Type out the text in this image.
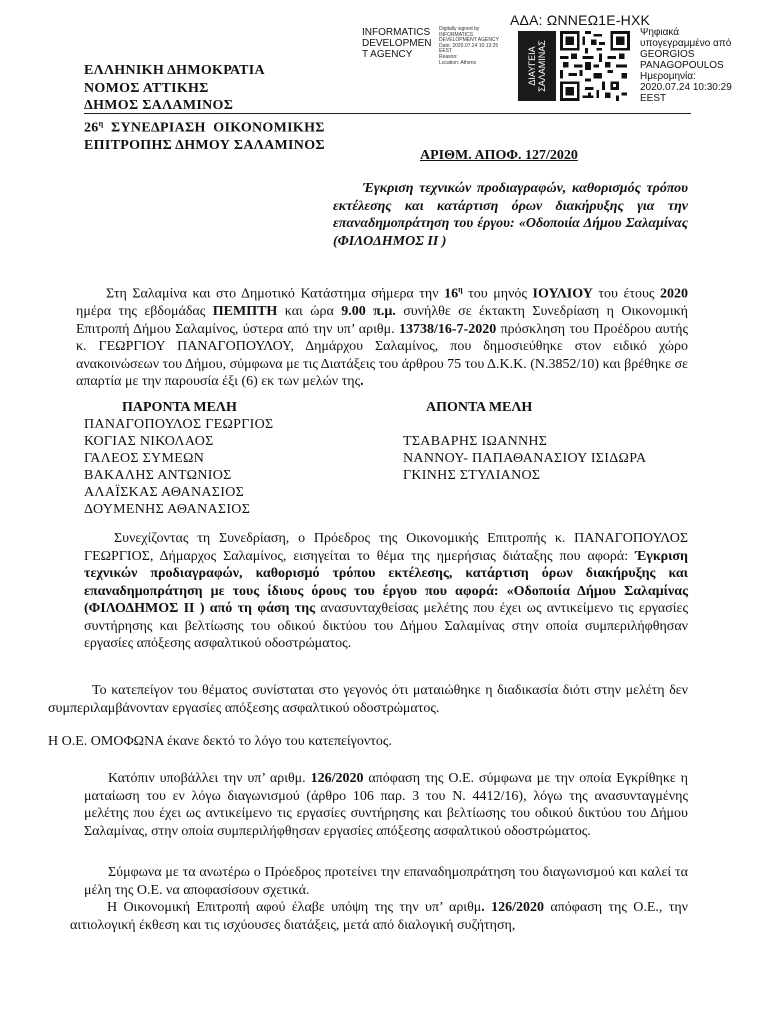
ΑΔΑ: ΩΝΝΕΩ1Ε-ΗΧΚ
INFORMATICS
DEVELOPMEN
T AGENCY
Digitally signed by
INFORMATICS
DEVELOPMENT AGENCY
Date: 2020.07.24 10:13:25
EEST
Reason:
Location: Athens	ΔΙΑΥΓΕΙΑ ΣΑΛΑΜΙΝΑΣ
Ψηφιακά
υπογεγραμμένο από
GEORGIOS
PANAGOPOULOS
Ημερομηνία:
2020.07.24 10:30:29
EEST
ΕΛΛΗΝΙΚΗ ΔΗΜΟΚΡΑΤΙΑ
ΝΟΜΟΣ ΑΤΤΙΚΗΣ
ΔΗΜΟΣ ΣΑΛΑΜΙΝΟΣ
$26^\eta$  ΣΥΝΕΔΡΙΑΣΗ  ΟΙΚΟΝΟΜΙΚΗΣ
ΕΠΙΤΡΟΠΗΣ ΔΗΜΟΥ ΣΑΛΑΜΙΝΟΣ
ΑΡΙΘΜ. ΑΠΟΦ. 127/2020
Έγκριση τεχνικών προδιαγραφών, καθορισμός τρόπου εκτέλεσης και κατάρτιση όρων διακήρυξης για την επαναδημοπράτηση του έργου: «Οδοποιία Δήμου Σαλαμίνας (ΦΙΛΟΔΗΜΟΣ ΙΙ )
Στη Σαλαμίνα και στο Δημοτικό Κατάστημα σήμερα την $16^\eta$ του μηνός ΙΟΥΛΙΟΥ του έτους 2020 ημέρα της εβδομάδας ΠΕΜΠΤΗ και ώρα 9.00 π.μ. συνήλθε σε έκτακτη Συνεδρίαση η Οικονομική Επιτροπή Δήμου Σαλαμίνος, ύστερα από την υπ’ αριθμ. 13738/16-7-2020 πρόσκληση του Προέδρου αυτής κ. ΓΕΩΡΓΙΟΥ ΠΑΝΑΓΟΠΟΥΛΟΥ, Δημάρχου Σαλαμίνος, που δημοσιεύθηκε στον ειδικό χώρο ανακοινώσεων του Δήμου, σύμφωνα με τις Διατάξεις του άρθρου 75 του Δ.Κ.Κ. (Ν.3852/10) και βρέθηκε σε απαρτία με την παρουσία έξι (6) εκ των μελών της.
ΠΑΡΟΝΤΑ ΜΕΛΗ	ΑΠΟΝΤΑ ΜΕΛΗ
ΠΑΝΑΓΟΠΟΥΛΟΣ ΓΕΩΡΓΙΟΣ
ΚΟΓΙΑΣ ΝΙΚΟΛΑΟΣ
ΓΑΛΕΟΣ ΣΥΜΕΩΝ
ΒΑΚΑΛΗΣ ΑΝΤΩΝΙΟΣ
ΑΛΑΪΣΚΑΣ ΑΘΑΝΑΣΙΟΣ
ΔΟΥΜΕΝΗΣ ΑΘΑΝΑΣΙΟΣ
ΤΣΑΒΑΡΗΣ ΙΩΑΝΝΗΣ
ΝΑΝΝΟΥ- ΠΑΠΑΘΑΝΑΣΙΟΥ ΙΣΙΔΩΡΑ
ΓΚΙΝΗΣ ΣΤΥΛΙΑΝΟΣ
Συνεχίζοντας τη Συνεδρίαση, ο Πρόεδρος της Οικονομικής Επιτροπής κ. ΠΑΝΑΓΟΠΟΥΛΟΣ ΓΕΩΡΓΙΟΣ, Δήμαρχος Σαλαμίνος, εισηγείται το θέμα της ημερήσιας διάταξης που αφορά: Έγκριση τεχνικών προδιαγραφών, καθορισμό τρόπου εκτέλεσης, κατάρτιση όρων διακήρυξης και επαναδημοπράτηση με τους ίδιους όρους του έργου που αφορά: «Οδοποιία Δήμου Σαλαμίνας (ΦΙΛΟΔΗΜΟΣ ΙΙ ) από τη φάση της ανασυνταχθείσας μελέτης που έχει ως αντικείμενο τις εργασίες συντήρησης και βελτίωσης του οδικού δικτύου του Δήμου Σαλαμίνας στην οποία συμπεριλήφθησαν εργασίες απόξεσης ασφαλτικού οδοστρώματος.
Το κατεπείγον του θέματος συνίσταται στο γεγονός ότι ματαιώθηκε η διαδικασία διότι στην μελέτη δεν συμπεριλαμβάνονταν εργασίες απόξεσης ασφαλτικού οδοστρώματος.
Η Ο.Ε. ΟΜΟΦΩΝΑ έκανε δεκτό το λόγο του κατεπείγοντος.
Κατόπιν υποβάλλει την υπ’ αριθμ. 126/2020 απόφαση της Ο.Ε. σύμφωνα με την οποία Εγκρίθηκε η ματαίωση του εν λόγω διαγωνισμού (άρθρο 106 παρ. 3 του Ν. 4412/16), λόγω της ανασυνταγμένης μελέτης που έχει ως αντικείμενο τις εργασίες συντήρησης και βελτίωσης του οδικού δικτύου του Δήμου Σαλαμίνας, στην οποία συμπεριλήφθησαν εργασίες απόξεσης ασφαλτικού οδοστρώματος.
Σύμφωνα με τα ανωτέρω ο Πρόεδρος προτείνει την επαναδημοπράτηση του διαγωνισμού και καλεί τα μέλη της Ο.Ε. να αποφασίσουν σχετικά.
Η Οικονομική Επιτροπή αφού έλαβε υπόψη της την υπ’ αριθμ. 126/2020 απόφαση της Ο.Ε., την αιτιολογική έκθεση και τις ισχύουσες διατάξεις, μετά από διαλογική συζήτηση,
